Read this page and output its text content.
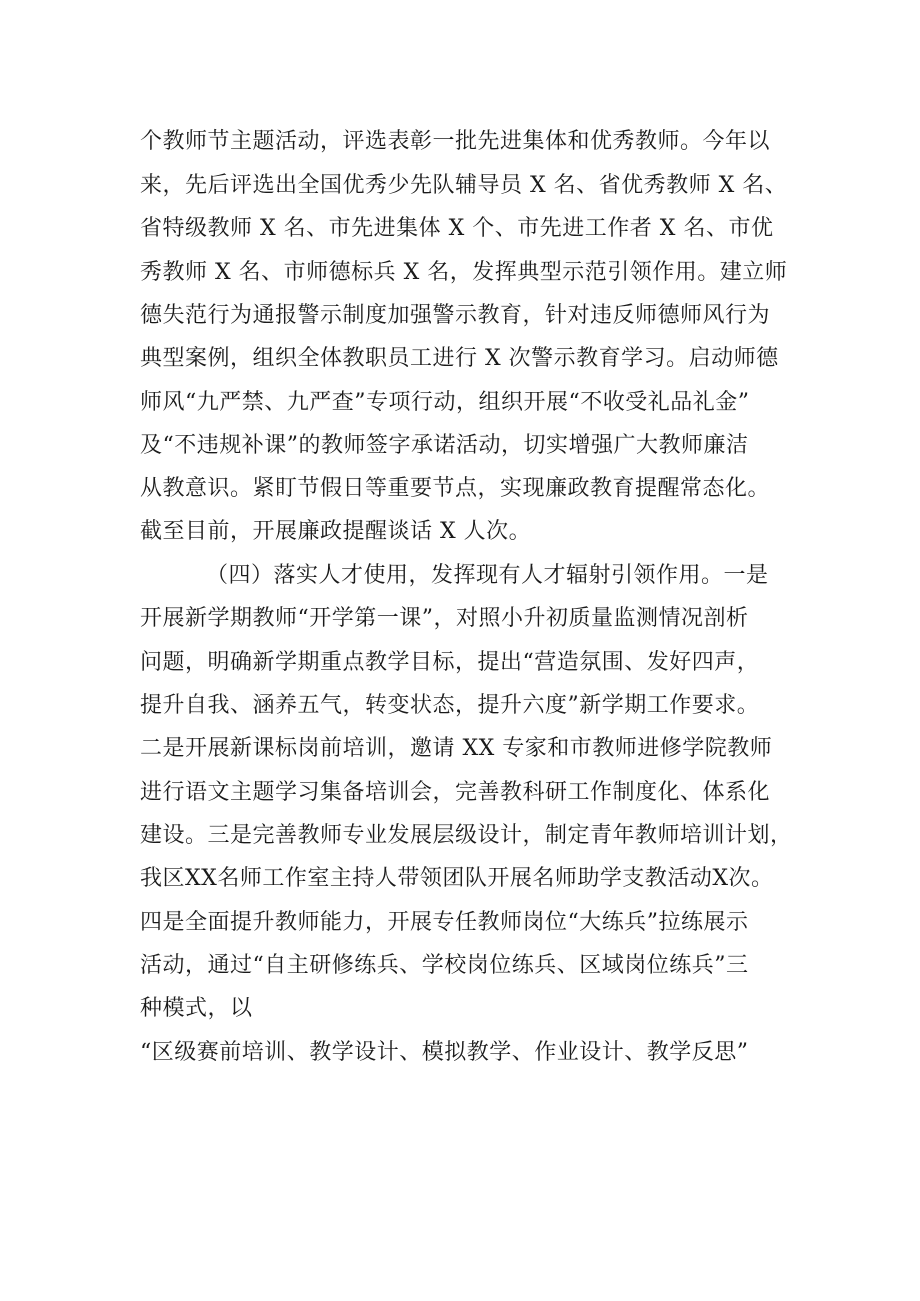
个教师节主题活动，评选表彰一批先进集体和优秀教师。今年以
来，先后评选出全国优秀少先队辅导员 X 名、省优秀教师 X 名、
省特级教师 X 名、市先进集体 X 个、市先进工作者 X 名、市优
秀教师 X 名、市师德标兵 X 名，发挥典型示范引领作用。建立师
德失范行为通报警示制度加强警示教育，针对违反师德师风行为
典型案例，组织全体教职员工进行 X 次警示教育学习。启动师德
师风“九严禁、九严查”专项行动，组织开展“不收受礼品礼金”
及“不违规补课”的教师签字承诺活动，切实增强广大教师廉洁
从教意识。紧盯节假日等重要节点，实现廉政教育提醒常态化。
截至目前，开展廉政提醒谈话 X 人次。
（四）落实人才使用，发挥现有人才辐射引领作用。一是
开展新学期教师“开学第一课”，对照小升初质量监测情况剖析
问题，明确新学期重点教学目标，提出“营造氛围、发好四声，
提升自我、涵养五气，转变状态，提升六度”新学期工作要求。
二是开展新课标岗前培训，邀请 XX 专家和市教师进修学院教师
进行语文主题学习集备培训会，完善教科研工作制度化、体系化
建设。三是完善教师专业发展层级设计，制定青年教师培训计划，
我区XX名师工作室主持人带领团队开展名师助学支教活动X次。
四是全面提升教师能力，开展专任教师岗位“大练兵”拉练展示
活动，通过“自主研修练兵、学校岗位练兵、区域岗位练兵”三
种模式，以
“区级赛前培训、教学设计、模拟教学、作业设计、教学反思”
